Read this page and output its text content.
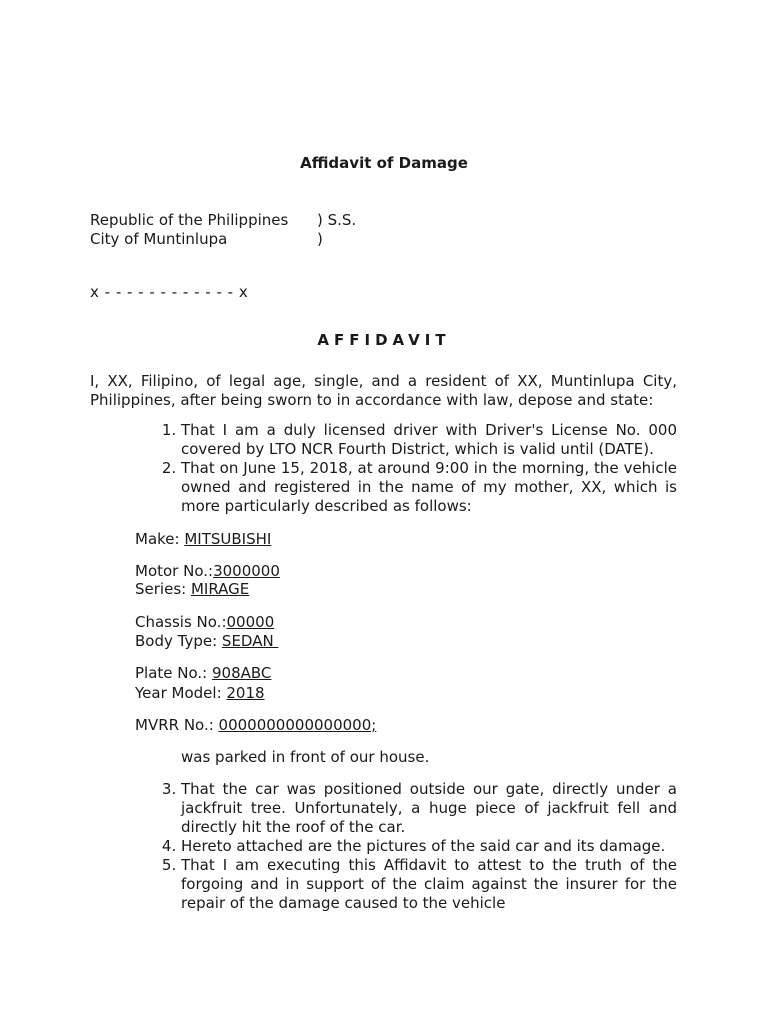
Affidavit of Damage
Republic of the Philippines ) S.S.
City of Muntinlupa	)
x - - - - - - - - - - - - x
AFFIDAVIT
I, XX, Filipino, of legal age, single, and a resident of XX, Muntinlupa City, Philippines, after being sworn to in accordance with law, depose and state:
1. That I am a duly licensed driver with Driver's License No. 000 covered by LTO NCR Fourth District, which is valid until (DATE).
2. That on June 15, 2018, at around 9:00 in the morning, the vehicle owned and registered in the name of my mother, XX, which is more particularly described as follows:
Make: MITSUBISHI
Motor No.:3000000
Series: MIRAGE
Chassis No.:00000
Body Type: SEDAN
Plate No.: 908ABC
Year Model: 2018
MVRR No.: 0000000000000000;
was parked in front of our house.
3. That the car was positioned outside our gate, directly under a jackfruit tree. Unfortunately, a huge piece of jackfruit fell and directly hit the roof of the car.
4. Hereto attached are the pictures of the said car and its damage.
5. That I am executing this Affidavit to attest to the truth of the forgoing and in support of the claim against the insurer for the repair of the damage caused to the vehicle
